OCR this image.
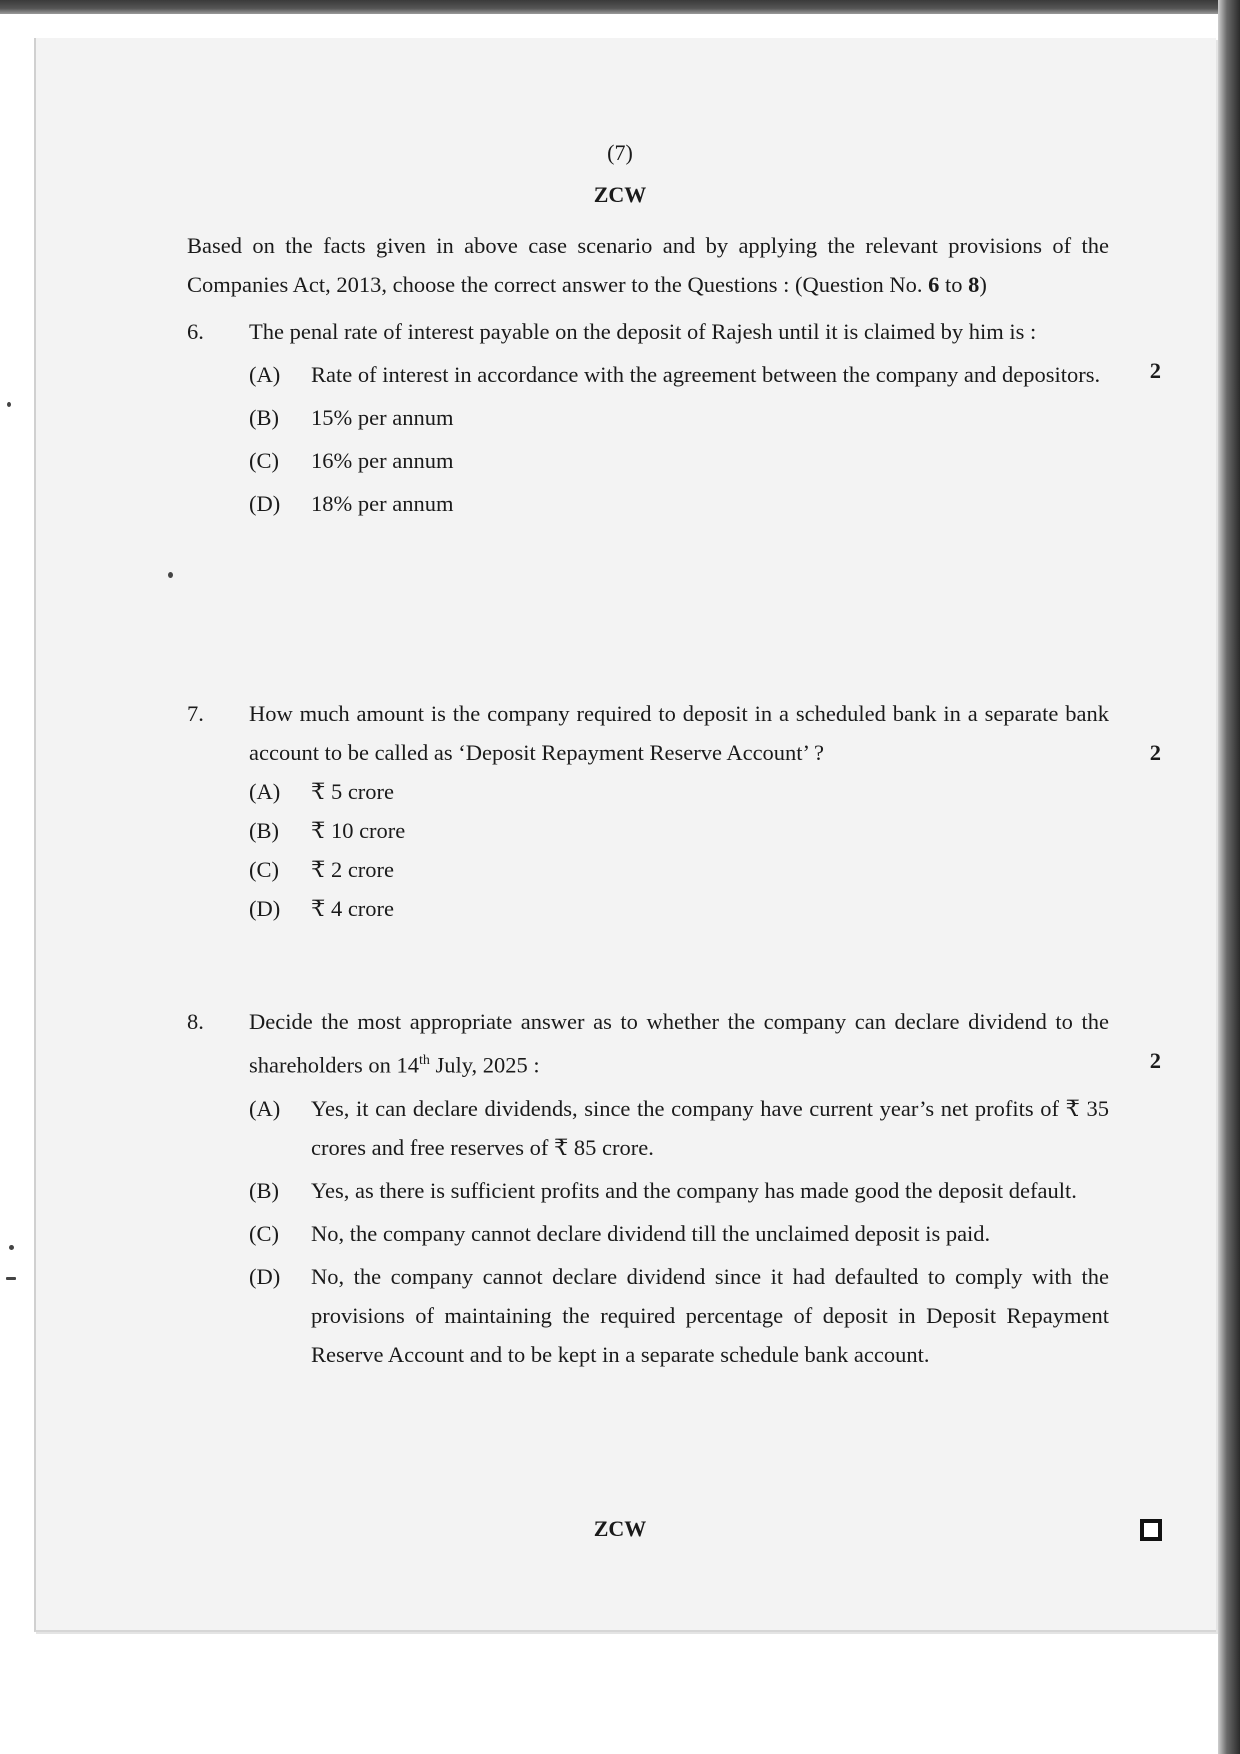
(7)
ZCW
Based on the facts given in above case scenario and by applying the relevant provisions of the Companies Act, 2013, choose the correct answer to the Questions : (Question No. 6 to 8)
6. The penal rate of interest payable on the deposit of Rajesh until it is claimed by him is :
2
(A) Rate of interest in accordance with the agreement between the company and depositors.
(B) 15% per annum
(C) 16% per annum
(D) 18% per annum
7. How much amount is the company required to deposit in a scheduled bank in a separate bank account to be called as ‘Deposit Repayment Reserve Account’ ?	2
(A) ₹ 5 crore
(B) ₹ 10 crore
(C) ₹ 2 crore
(D) ₹ 4 crore
8. Decide the most appropriate answer as to whether the company can declare dividend to the shareholders on 14th July, 2025 :	2
(A) Yes, it can declare dividends, since the company have current year’s net profits of ₹ 35 crores and free reserves of ₹ 85 crore.
(B) Yes, as there is sufficient profits and the company has made good the deposit default.
(C) No, the company cannot declare dividend till the unclaimed deposit is paid.
(D) No, the company cannot declare dividend since it had defaulted to comply with the provisions of maintaining the required percentage of deposit in Deposit Repayment Reserve Account and to be kept in a separate schedule bank account.
ZCW
